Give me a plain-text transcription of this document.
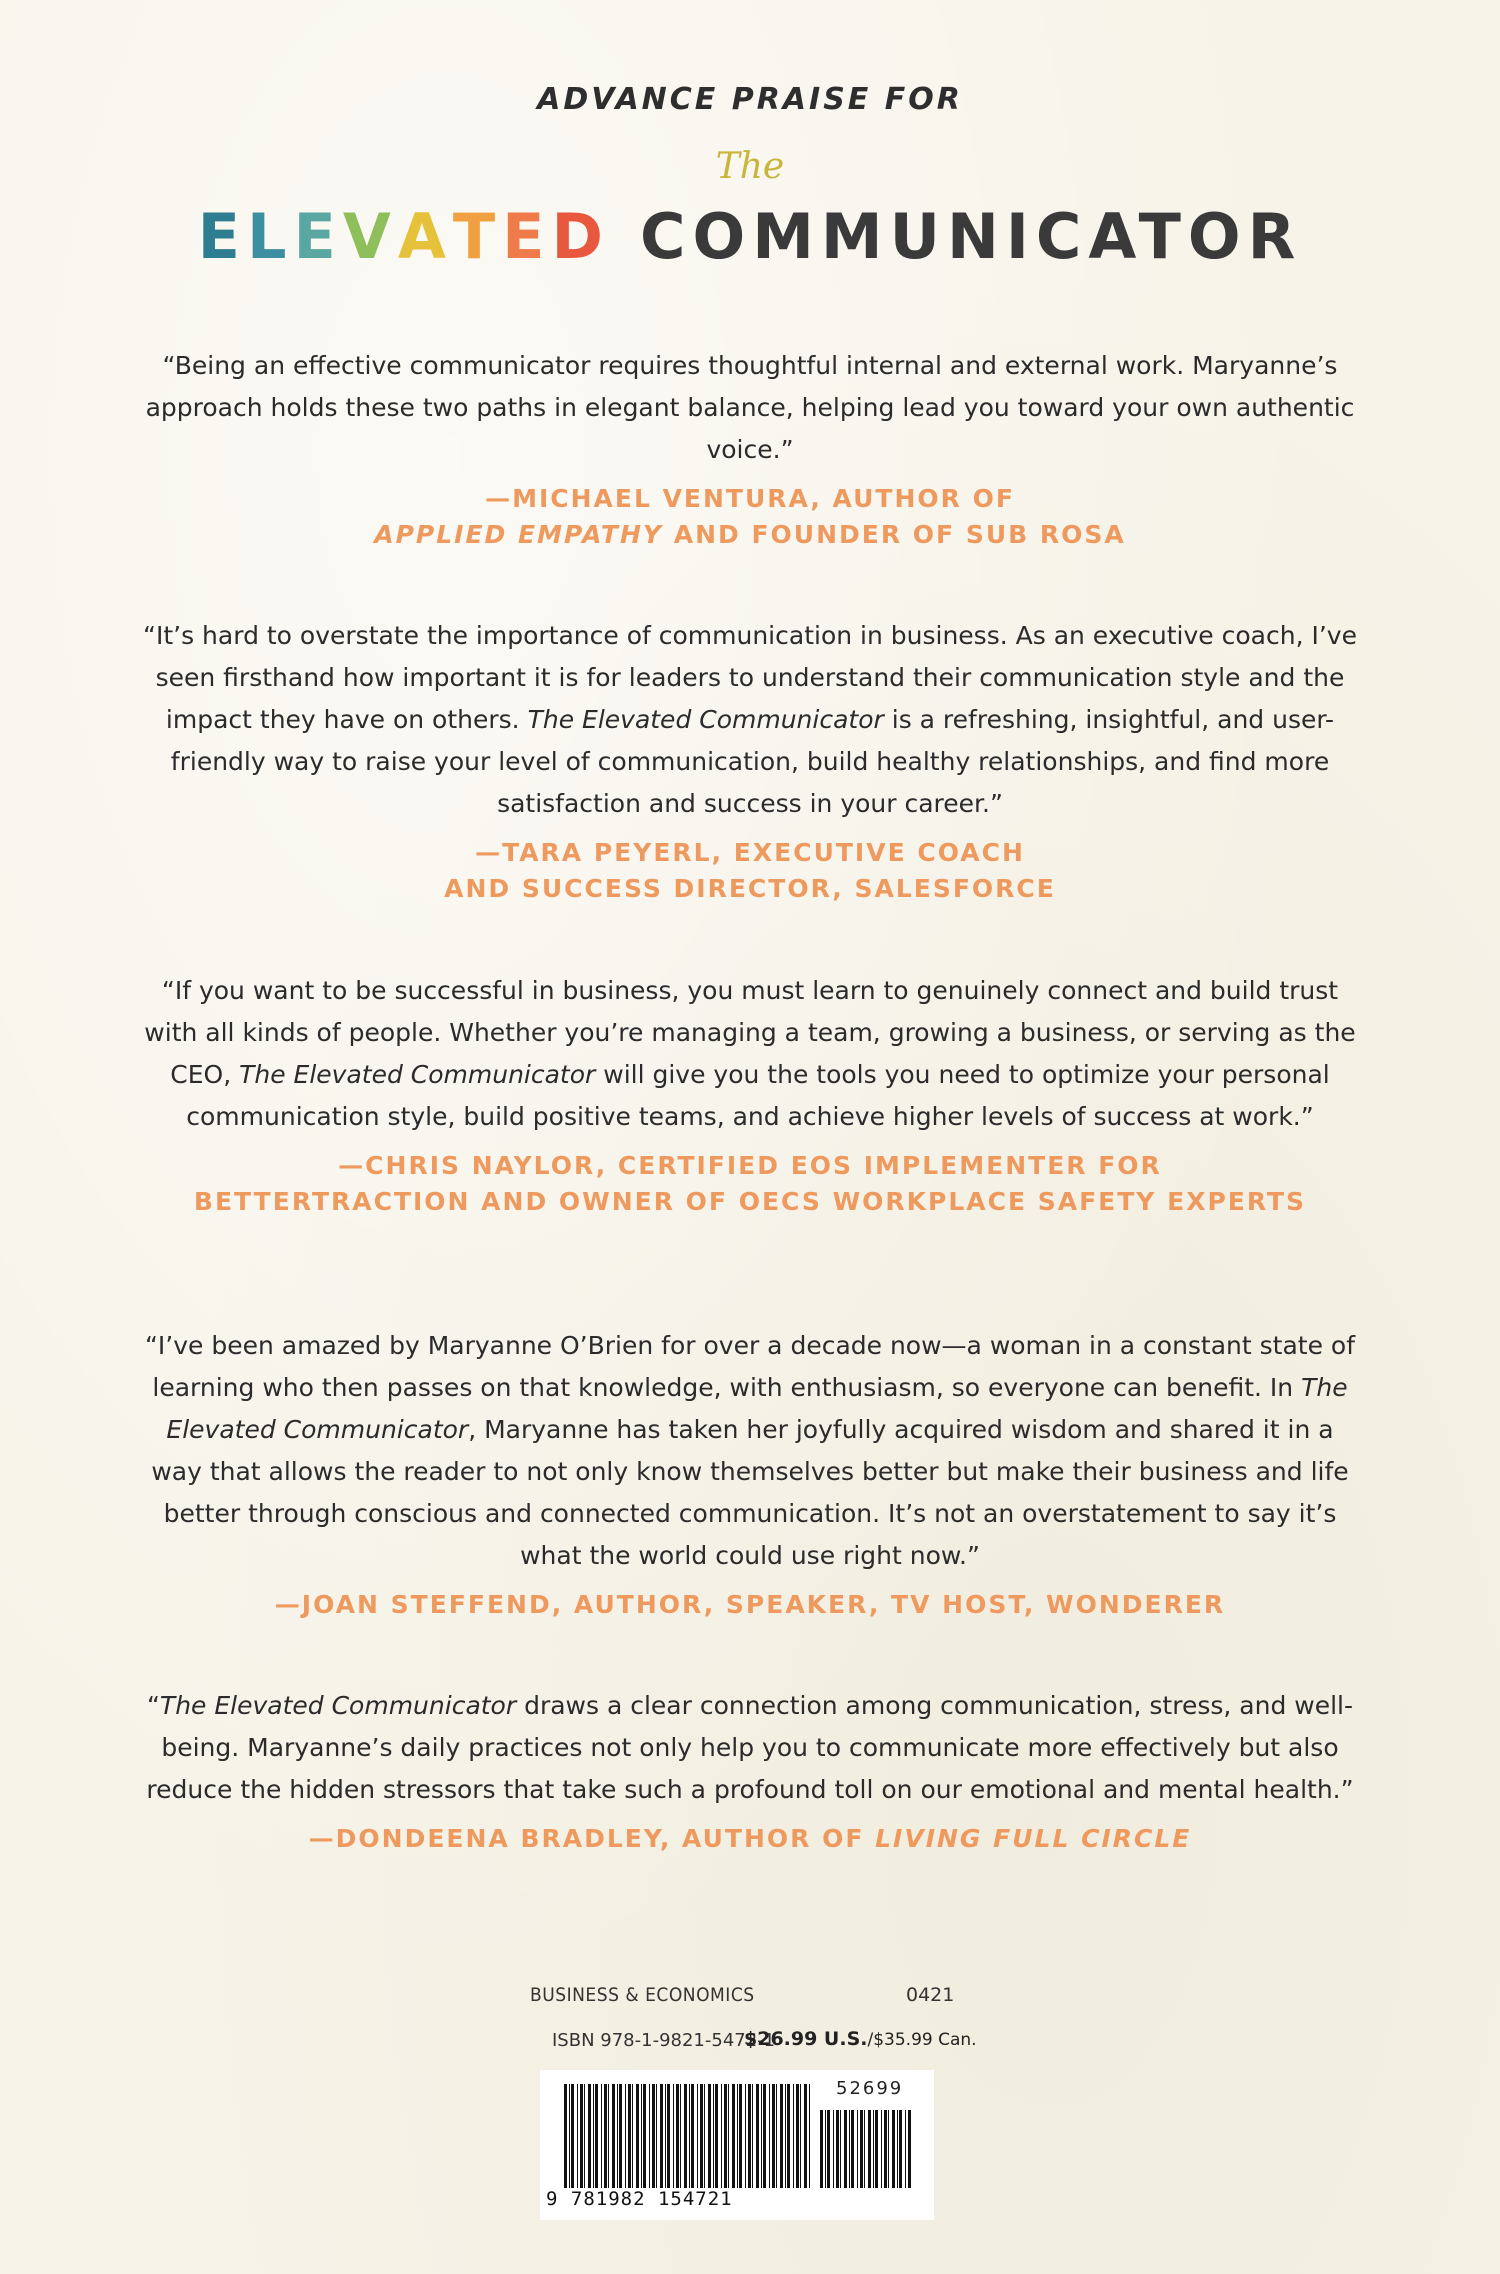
ADVANCE PRAISE FOR
The
ELEVATED COMMUNICATOR

“Being an effective communicator requires thoughtful internal and external work. Maryanne’s approach holds these two paths in elegant balance, helping lead you toward your own authentic voice.”

—MICHAEL VENTURA, AUTHOR OF
APPLIED EMPATHY AND FOUNDER OF SUB ROSA

“It’s hard to overstate the importance of communication in business. As an executive coach, I’ve seen firsthand how important it is for leaders to understand their communication style and the impact they have on others. The Elevated Communicator is a refreshing, insightful, and user-friendly way to raise your level of communication, build healthy relationships, and find more satisfaction and success in your career.”

—TARA PEYERL, EXECUTIVE COACH
AND SUCCESS DIRECTOR, SALESFORCE

“If you want to be successful in business, you must learn to genuinely connect and build trust with all kinds of people. Whether you’re managing a team, growing a business, or serving as the CEO, The Elevated Communicator will give you the tools you need to optimize your personal communication style, build positive teams, and achieve higher levels of success at work.”

—CHRIS NAYLOR, CERTIFIED EOS IMPLEMENTER FOR
BETTERTRACTION AND OWNER OF OECS WORKPLACE SAFETY EXPERTS

“I’ve been amazed by Maryanne O’Brien for over a decade now—a woman in a constant state of learning who then passes on that knowledge, with enthusiasm, so everyone can benefit. In The Elevated Communicator, Maryanne has taken her joyfully acquired wisdom and shared it in a way that allows the reader to not only know themselves better but make their business and life better through conscious and connected communication. It’s not an overstatement to say it’s what the world could use right now.”

—JOAN STEFFEND, AUTHOR, SPEAKER, TV HOST, WONDERER

“The Elevated Communicator draws a clear connection among communication, stress, and well-being. Maryanne’s daily practices not only help you to communicate more effectively but also reduce the hidden stressors that take such a profound toll on our emotional and mental health.”

—DONDEENA BRADLEY, AUTHOR OF LIVING FULL CIRCLE

BUSINESS & ECONOMICS	0421
ISBN 978-1-9821-5472-1
$26.99 U.S./$35.99 Can.
52699
9 781982 154721
